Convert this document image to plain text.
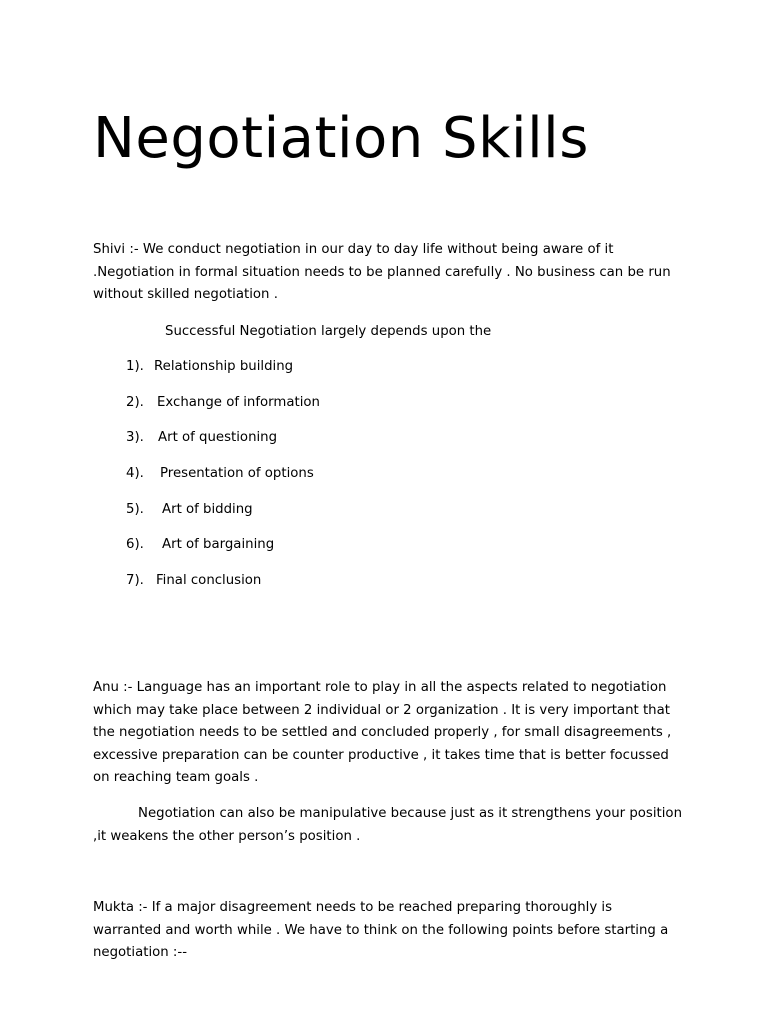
Negotiation Skills

Shivi :- We conduct negotiation in our day to day life without being aware of it
.Negotiation in formal situation needs to be planned carefully . No business can be run
without skilled negotiation .

Successful Negotiation largely depends upon the
1). Relationship building
2). Exchange of information
3). Art of questioning
4). Presentation of options
5). Art of bidding
6). Art of bargaining
7). Final conclusion

Anu :- Language has an important role to play in all the aspects related to negotiation
which may take place between 2 individual or 2 organization . It is very important that
the negotiation needs to be settled and concluded properly , for small disagreements ,
excessive preparation can be counter productive , it takes time that is better focussed
on reaching team goals .

Negotiation can also be manipulative because just as it strengthens your position
,it weakens the other person’s position .

Mukta :- If a major disagreement needs to be reached preparing thoroughly is
warranted and worth while . We have to think on the following points before starting a
negotiation :--
